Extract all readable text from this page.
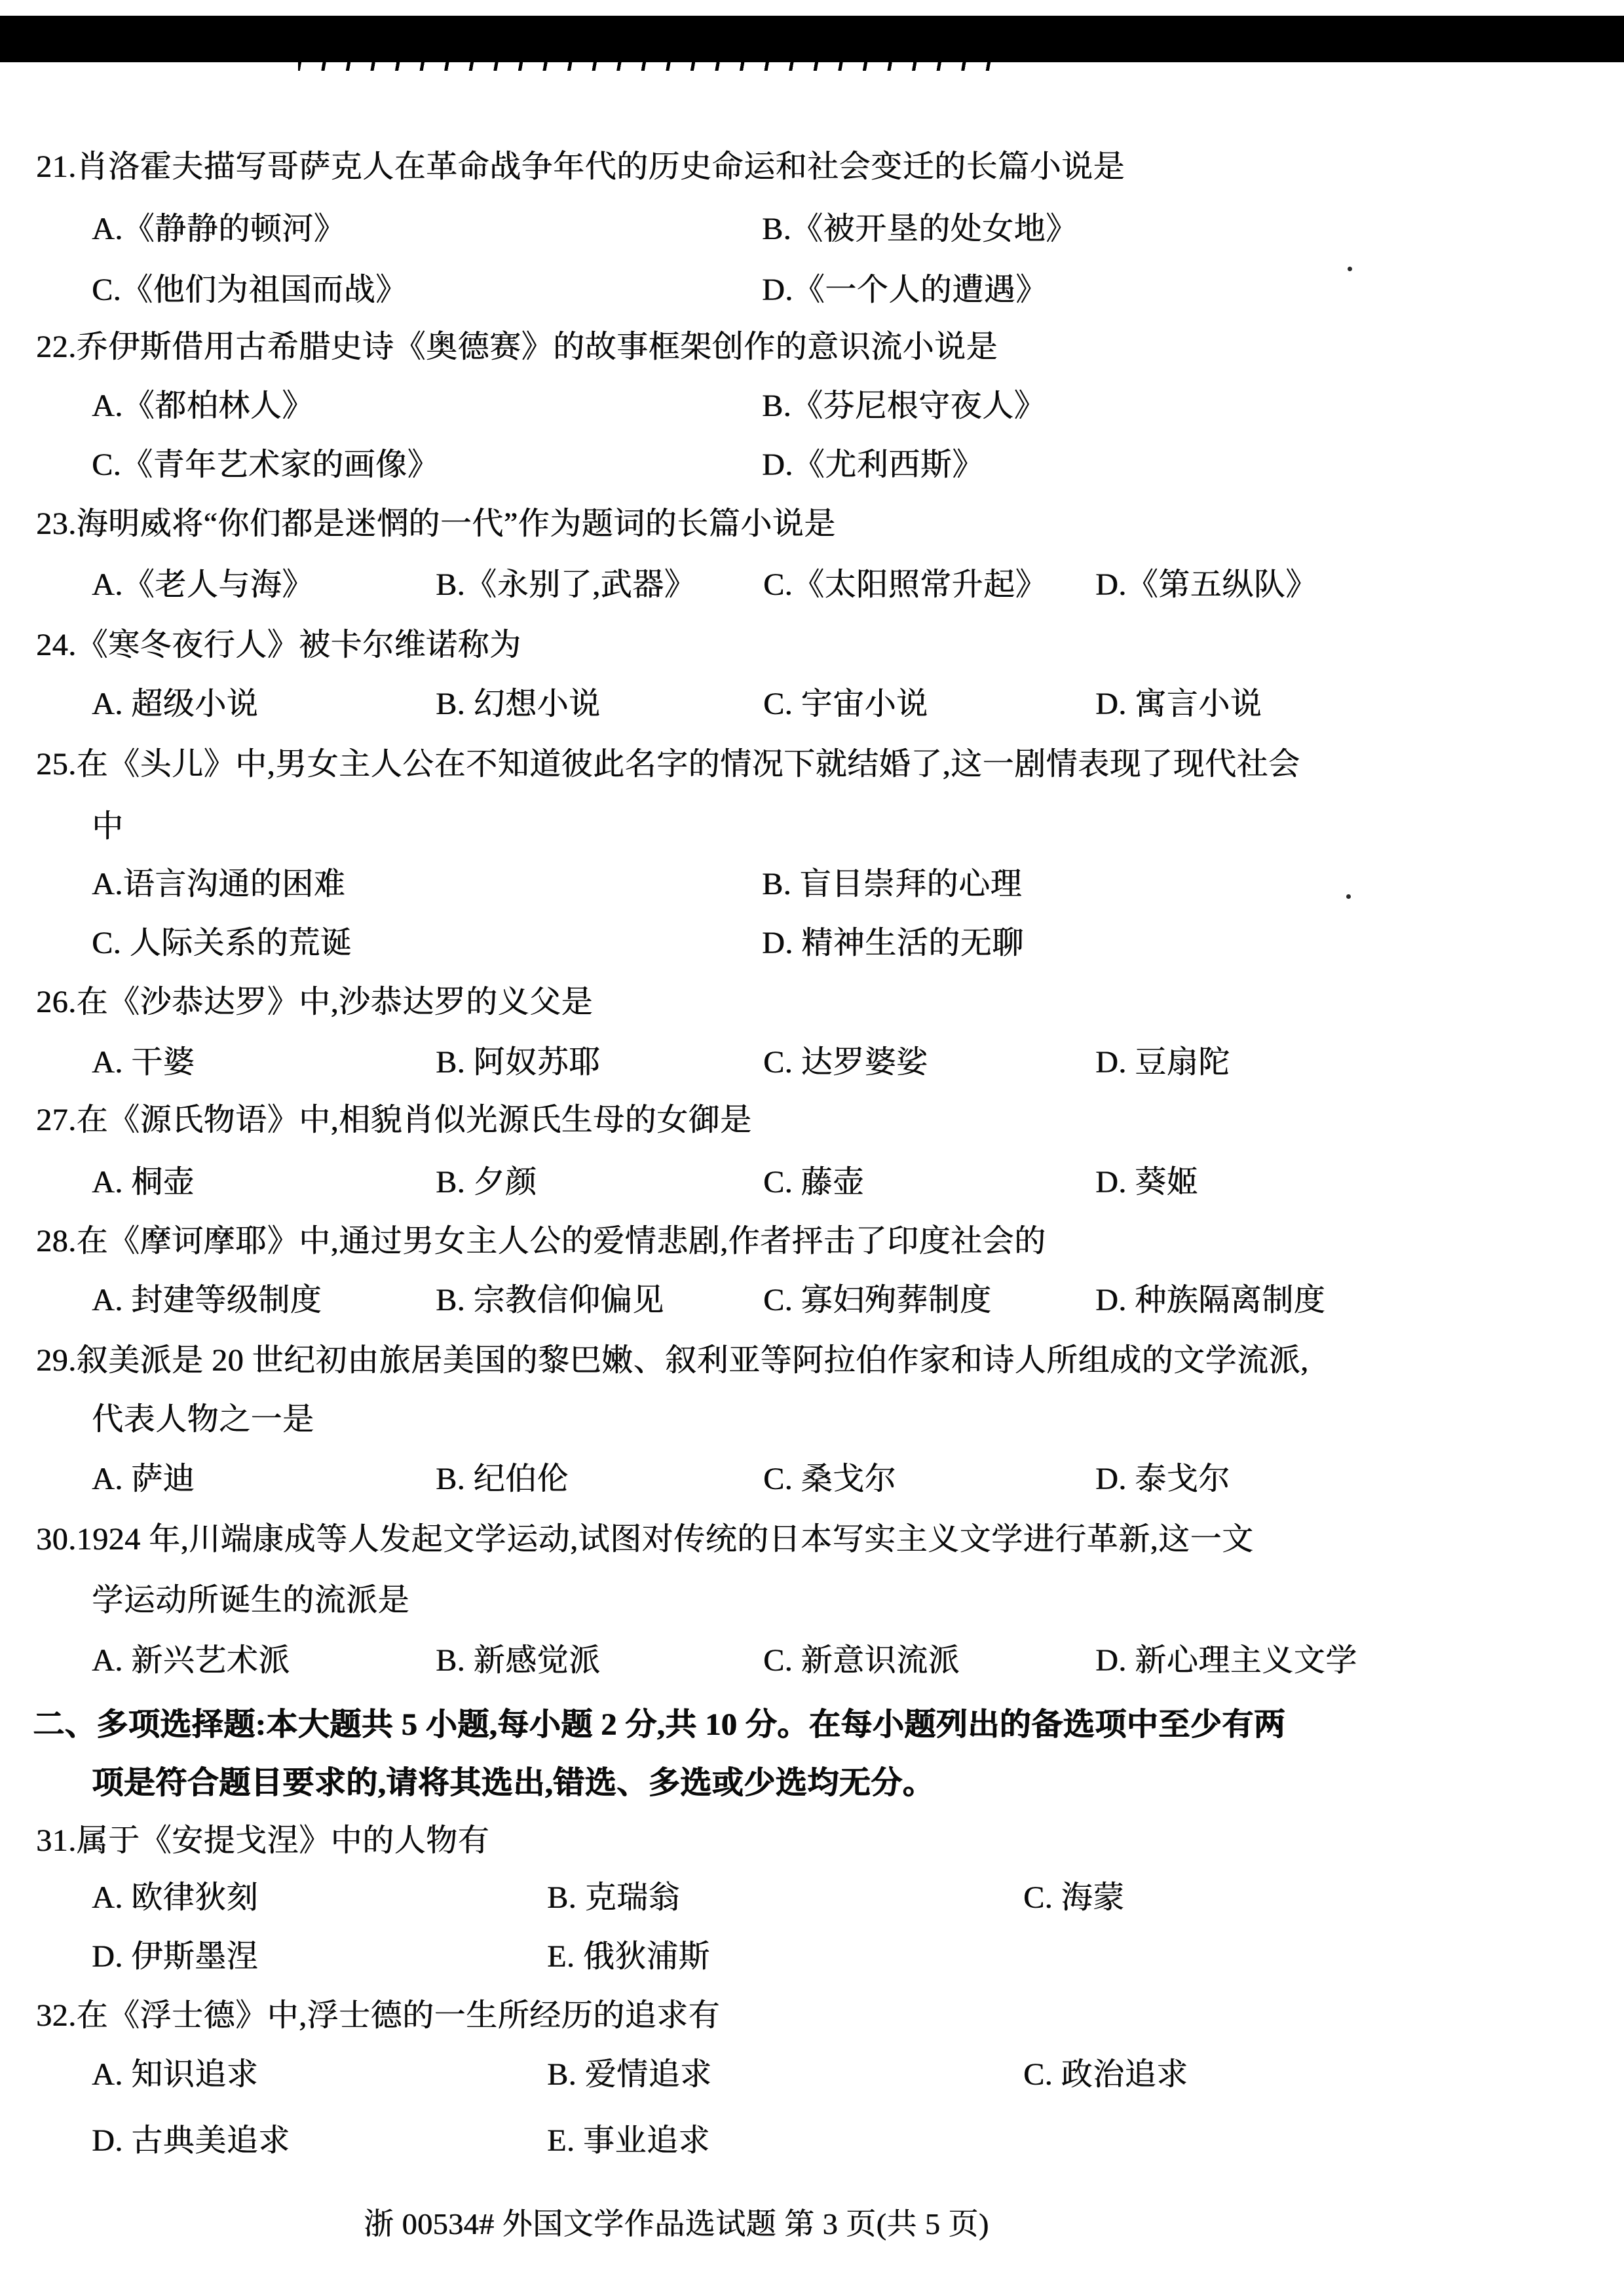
21.肖洛霍夫描写哥萨克人在革命战争年代的历史命运和社会变迁的长篇小说是
A.《静静的顿河》	B.《被开垦的处女地》
C.《他们为祖国而战》	D.《一个人的遭遇》
22.乔伊斯借用古希腊史诗《奥德赛》的故事框架创作的意识流小说是
A.《都柏林人》	B.《芬尼根守夜人》
C.《青年艺术家的画像》	D.《尤利西斯》
23.海明威将“你们都是迷惘的一代”作为题词的长篇小说是
A.《老人与海》	B.《永别了,武器》 C.《太阳照常升起》 D.《第五纵队》
24.《寒冬夜行人》被卡尔维诺称为
A. 超级小说	B. 幻想小说	C. 宇宙小说	D. 寓言小说
25.在《头儿》中,男女主人公在不知道彼此名字的情况下就结婚了,这一剧情表现了现代社会
中
A.语言沟通的困难	B. 盲目崇拜的心理
C. 人际关系的荒诞	D. 精神生活的无聊
26.在《沙恭达罗》中,沙恭达罗的义父是
A. 干婆	B. 阿奴苏耶	C. 达罗婆娑	D. 豆扇陀
27.在《源氏物语》中,相貌肖似光源氏生母的女御是
A. 桐壶	B. 夕颜	C. 藤壶	D. 葵姬
28.在《摩诃摩耶》中,通过男女主人公的爱情悲剧,作者抨击了印度社会的
A. 封建等级制度	B. 宗教信仰偏见	C. 寡妇殉葬制度	D. 种族隔离制度
29.叙美派是 20 世纪初由旅居美国的黎巴嫩、叙利亚等阿拉伯作家和诗人所组成的文学流派,
代表人物之一是
A. 萨迪	B. 纪伯伦	C. 桑戈尔	D. 泰戈尔
30.1924 年,川端康成等人发起文学运动,试图对传统的日本写实主义文学进行革新,这一文
学运动所诞生的流派是
A. 新兴艺术派	B. 新感觉派	C. 新意识流派	D. 新心理主义文学
二、多项选择题:本大题共 5 小题,每小题 2 分,共 10 分。在每小题列出的备选项中至少有两
项是符合题目要求的,请将其选出,错选、多选或少选均无分。
31.属于《安提戈涅》中的人物有
A. 欧律狄刻	B. 克瑞翁	C. 海蒙
D. 伊斯墨涅	E. 俄狄浦斯
32.在《浮士德》中,浮士德的一生所经历的追求有
A. 知识追求	B. 爱情追求	C. 政治追求
D. 古典美追求	E. 事业追求
浙 00534# 外国文学作品选试题 第 3 页(共 5 页)
